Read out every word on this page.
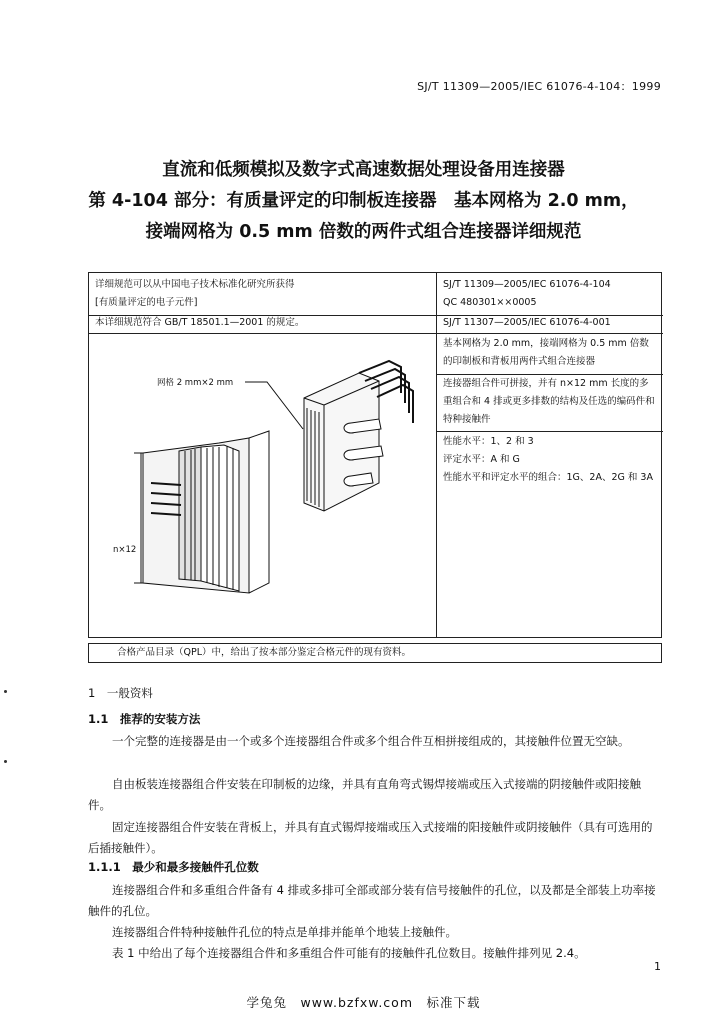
SJ/T 11309—2005/IEC 61076-4-104：1999
直流和低频模拟及数字式高速数据处理设备用连接器
第 4-104 部分：有质量评定的印制板连接器　基本网格为 2.0 mm，
接端网格为 0.5 mm 倍数的两件式组合连接器详细规范
详细规范可以从中国电子技术标准化研究所获得
[有质量评定的电子元件]
本详细规范符合 GB/T 18501.1—2001 的规定。
SJ/T 11309—2005/IEC 61076-4-104
QC 480301××0005
SJ/T 11307—2005/IEC 61076-4-001
基本网格为 2.0 mm，接端网格为 0.5 mm 倍数的印制板和背板用两件式组合连接器
连接器组合件可拼接，并有 n×12 mm 长度的多重组合和 4 排或更多排数的结构及任选的编码件和特种接触件
性能水平：1、2 和 3
评定水平：A 和 G
性能水平和评定水平的组合：1G、2A、2G 和 3A
网格 2 mm×2 mm
n×12
合格产品目录（QPL）中，给出了按本部分鉴定合格元件的现有资料。
1　一般资料
1.1　推荐的安装方法
一个完整的连接器是由一个或多个连接器组合件或多个组合件互相拼接组成的，其接触件位置无空缺。
自由板装连接器组合件安装在印制板的边缘，并具有直角弯式锡焊接端或压入式接端的阴接触件或阳接触件。
固定连接器组合件安装在背板上，并具有直式锡焊接端或压入式接端的阳接触件或阴接触件（具有可选用的后插接触件）。
1.1.1　最少和最多接触件孔位数
连接器组合件和多重组合件备有 4 排或多排可全部或部分装有信号接触件的孔位，以及都是全部装上功率接触件的孔位。
连接器组合件特种接触件孔位的特点是单排并能单个地装上接触件。
表 1 中给出了每个连接器组合件和多重组合件可能有的接触件孔位数目。接触件排列见 2.4。
1
学兔兔　www.bzfxw.com　标准下载
